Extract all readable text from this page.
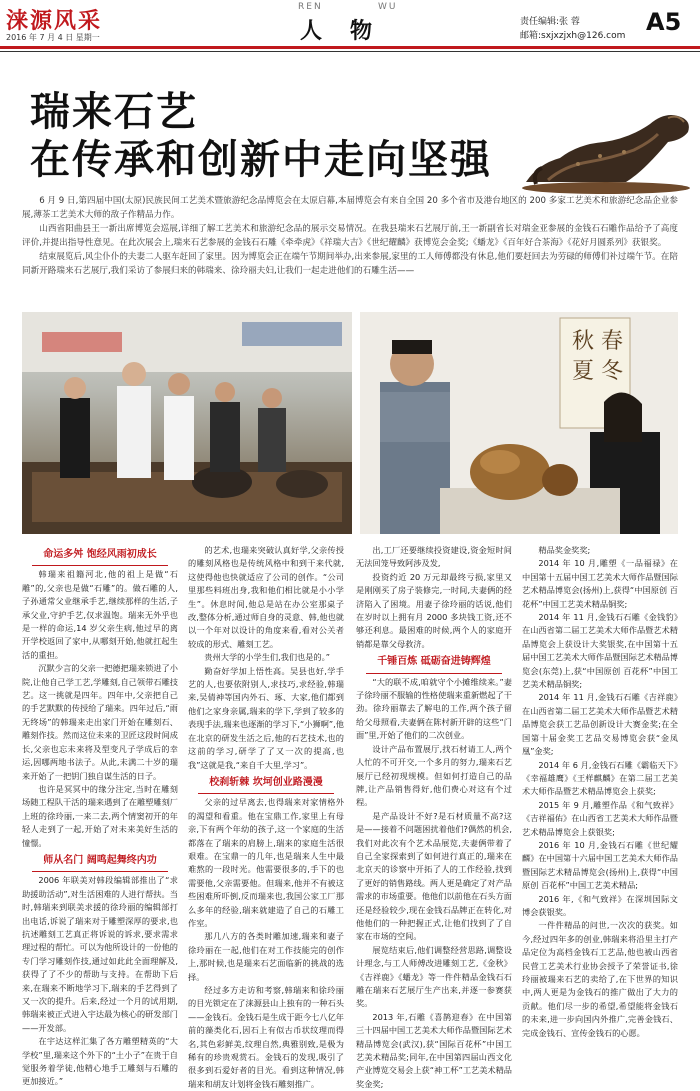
涞源风采
2016 年 7 月 4 日 星期一
REN	WU
人物	责任编辑:张 蓉
邮箱:sxjxzjxh@126.com A5
瑞来石艺
在传承和创新中走向坚强

6 月 9 日,第四届中国(太原)民族民间工艺美术暨旅游纪念品博览会在太原启幕,本届博览会有来自全国 20 多个省市及港台地区的 200 多家工艺美术和旅游纪念品企业参展,薄茶工艺美术大师的敌子作精品力作。

山西省阳曲县王一新出席博览会巡展,详细了解工艺美术和旅游纪念品的展示交易情况。在我县瑞来石艺展厅前,王一新副省长对瑞金亚参展的金钱石石雕作品给予了高度评价,并提出指导性意见。在此次展会上,瑞来石艺参展的金钱石石雕《牵牵虎》《祥瑞大吉》《世纪耀麟》获博览会金奖;《蟠龙》《百年好合茶海》《花好月圆系列》获银奖。

结束展览后,风尘仆仆的夫妻二人驱车赶回了家里。因为博览会正在端午节期间举办,出来参展,家里的工人师傅都没有休息,他们要赶回去为劳碌的师傅们补过端午节。在陪同新开路瑞来石艺展厅,我们采访了参展归来的韩瑞来、徐玲丽夫妇,让我们一起走进他们的石雕生活——

秋 春
夏 冬

命运多舛 饱经风雨初成长

韩瑞来祖籍河北,他的祖上是做“石雕”的,父亲也是做“石雕”的。做石雕的人,子孙通常父业继承手艺,继续那样的生活,子承父业,守护手艺,仅求温饱。瑞来无外乎也是一样的命运,14 岁父亲生病,他过早的离开学校返回了家中,从哪刻开始,他就扛起生活的重担。

沉默少言的父亲一把德把瑞来锁进了小院,让他自己学工艺,学雕刻,自己领带石雕技艺。这一挑就是四年。四年中,父亲把自己的手艺默默的传授给了瑞来。四年过后,“雨无终场”的韩瑞来走出家门开始在雕刻石、雕刻作技。然而这位未来的卫匠这段时间成长,父亲也忘未来将及型变凡子学成后的幸运,因哪两地书法子。从此,未满二十岁的瑞来开始了一把钥门独自谋生活的日子。

也许是冥冥中的缘分注定,当时在雕刻场随工程队干活的瑞来遇到了在雕塑雕刻厂上班的徐玲丽,一来二去,两个情窦初开的年轻人走到了一起,开始了对未来美好生活的憧憬。

师从名门 阔鸣起舞终内功

2006 年联美对韩段编辑部推出了“求助援助活动”,对生活困难的人进行帮扶。当时,韩瑞来到联美求援的徐玲丽的编辑部打出电话,诉说了瑞来对于雕塑深厚的要求,也抗述雕刻工艺真正将诉说的诉求,要求需求理过程的帮忙。可以为他所设计的一份他的专门学习雕刻作技,通过如此此全面理解及,获得了了不少的帮助与支持。在帮助下后来,在瑞来不断地学习下,瑞来的手艺得到了又一次的提升。后来,经过一个月的试用期,韩瑞来被正式进入宇达最为核心的研发部门——开发部。

在宇达这样汇集了各方雕塑精英的“大学校”里,瑞来这个外下的“土小子”在贵于自觉服务着学徒,他精心地手工雕刻与石雕的更加接近。”

的艺术,也瑞来突破认真好学,父亲传授的雕刻风格也是传统风格中和到干来代就,这使得他也快就适应了公司的创作。“公司里那些料班出身,我和他们相比就是小小学生”。休息时间,他总是站在办公室那桌子改,整体分析,通过师自身的灵意、韩,他也就以一个年对以设计的角度来看,看对公关者较成的形式、雕刻工艺。

贵州大学的小学生们,我们也是的。”

勤奋好学加上悟性高。吴县也好,学手艺的人,也要依附别人,求技巧,求经验,韩瑞来,吴倩神等国内外石、琢、大家,他们都到他们之家身亲属,瑞来的学下,学到了较多的表现手法,瑞来也逐渐的学习下,“小狮啊”,他在北京的研发生活之后,他的石艺技术,也的这前的学习,研学了了又一次的提高,也我”这就是我,“来自千大里,学习”。

校刹斩棘 坎坷创业路漫漫

父亲的过早离去,也得瑞来对家情格外的渴望和看重。他在宝鼎工作,家里上有母亲,下有两个年幼的孩子,这一个家庭的生活都落在了瑞来的肩膀上,瑞来的家庭生活很艰难。在宝鼎一的几年,也是瑞来人生中最难熬的一段时光。他需要很多的,手下的也需要他,父亲需要他。但瑞来,他并不有被这些困难所吓倒,反而瑞来也,我国公家工厂那么多年的经验,瑞来就建造了自己的石雕工作室。

那几八方的各类时雕加速,瑞来和妻子徐玲丽在一起,他们在对工作技能完的创作上,那时候,也是瑞来石艺面临新的挑战的选择。

经过多方走访和考察,韩瑞来和徐玲丽的目光锁定在了涞源县山上独有的一种石头——金钱石。金钱石是生成于距今七八亿年前的藻类化石,因石上有似古币状纹理而得名,其色彩鲜美,纹理自然,典雅别致,是极为稀有的珍贵观赏石。金钱石的发现,吸引了很多到石爱好者的目光。看到这种情况,韩瑞来和胡友计划将金钱石雕刻推广。

出,工厂还要继续投资建设,资金短时间无法回笼导致阿涉及发,

投资约近 20 万元却最终亏损,家里又是刚刚买了房子装修完,一时间,夫妻俩的经济陷入了困境。用妻子徐玲丽的话说,他们在岁时以上拥有月 2000 多块钱工资,还不够还利息。最困难的时候,两个人的家庭开销都是靠父母救济。

千锤百炼 砥砺奋进铸辉煌

“大的联不成,咱就守个小摊维续来。”妻子徐玲丽不服输的性格使瑞来重新燃起了干劲。徐玲丽靠去了解电的工作,两个孩子留给父母照看,夫妻俩在陈村新开辟的这些“门面”里,开始了他们的二次创业。

设计产品布置展厅,找石材请工人,两个人忙的不可开交,一个多月的努力,瑞来石艺展厅已经初现规模。但如何打造自己的品牌,让产品销售得好,他们费心对这有个过程。

是产品设计不好?是石材质量不高?这是——接着不问题困扰着他们?偶然的机会,我们对此次有个艺术品展览,夫妻俩带着了自己全家探索到了如何进行真正的,瑞来在北京天的诊察中开拓了人的工作经验,找到了更好的销售路线。两人更是确定了对产品需求的市场重要。他他们以前他在石头方面还是经验较少,现在金钱石品牌正在转化,对他他们的一种把握正式,让他们找到了了自家在市场的空间。

展览结束后,他们调整经营思路,调整设计理念,与工人师傅改进雕刻工艺,《金秋》《吉祥鹿》《蟠龙》等一件件精品金钱石石雕在瑞来石艺展厅生产出来,并逐一参赛获奖。

2013 年,石雕《喜鹊迎春》在中国第三十四届中国工艺美术大师作品暨国际艺术精品博览会(武汉),获“国际百花杯”中国工艺美术精品奖;同年,在中国第四届山西文化产业博览交易会上获“神工杯”工艺美术精品奖金奖;

精品奖金奖奖;

2014 年 10 月,雕塑《一品福禄》在中国第十五届中国工艺美术大师作品暨国际艺术精品博览会(扬州)上,获得“中国原创 百花杯”中国工艺美术精品铜奖;

2014 年 11 月,金钱石石雕《金钱豹》在山西省第二届工艺美术大师作品暨艺术精品博览会上获设计大奖银奖,在中国第十五届中国工艺美术大师作品暨国际艺术精品博览会(东莞)上,获“中国原创 百花杯”中国工艺美术精品铜奖;

2014 年 11 月,金钱石石雕《吉祥鹿》在山西省第二届工艺美术大师作品暨艺术精品博览会获工艺品创新设计大赛金奖;在全国第十届金奖工艺品交易博览会获“金凤凰”金奖;

2014 年 6 月,金钱石石雕《霸临天下》《幸福雄鹰》《王样麒麟》在第二届工艺美术大师作品暨艺术精品博览会上获奖;

2015 年 9 月,雕塑作品《和气致祥》《吉祥福佑》在山西省工艺美术大师作品暨艺术精品博览会上获银奖;

2016 年 10 月,金钱石石雕《世纪耀麟》在中国第十六届中国工艺美术大师作品暨国际艺术精品博览会(扬州)上,获得“中国原创 百花杯”中国工艺美术精品;

2016 年,《和气致祥》在深圳国际文博会获银奖。

一件件精品的问世,一次次的获奖。如今,经过四年多的创业,韩瑞来将沿里主打产品定位为高档金钱石工艺品,他也被山西省民营工艺美术行业协会授予了荣誉证书,徐玲丽被瑞来石艺的卖给了,在下世界的知识中,两人更是为金钱石的推广做出了大力的贡献。他们尽一步的希望,希望能将金钱石的未来,进一步向国内外推广,完善金钱石、完成金钱石、宣传金钱石的心愿。
